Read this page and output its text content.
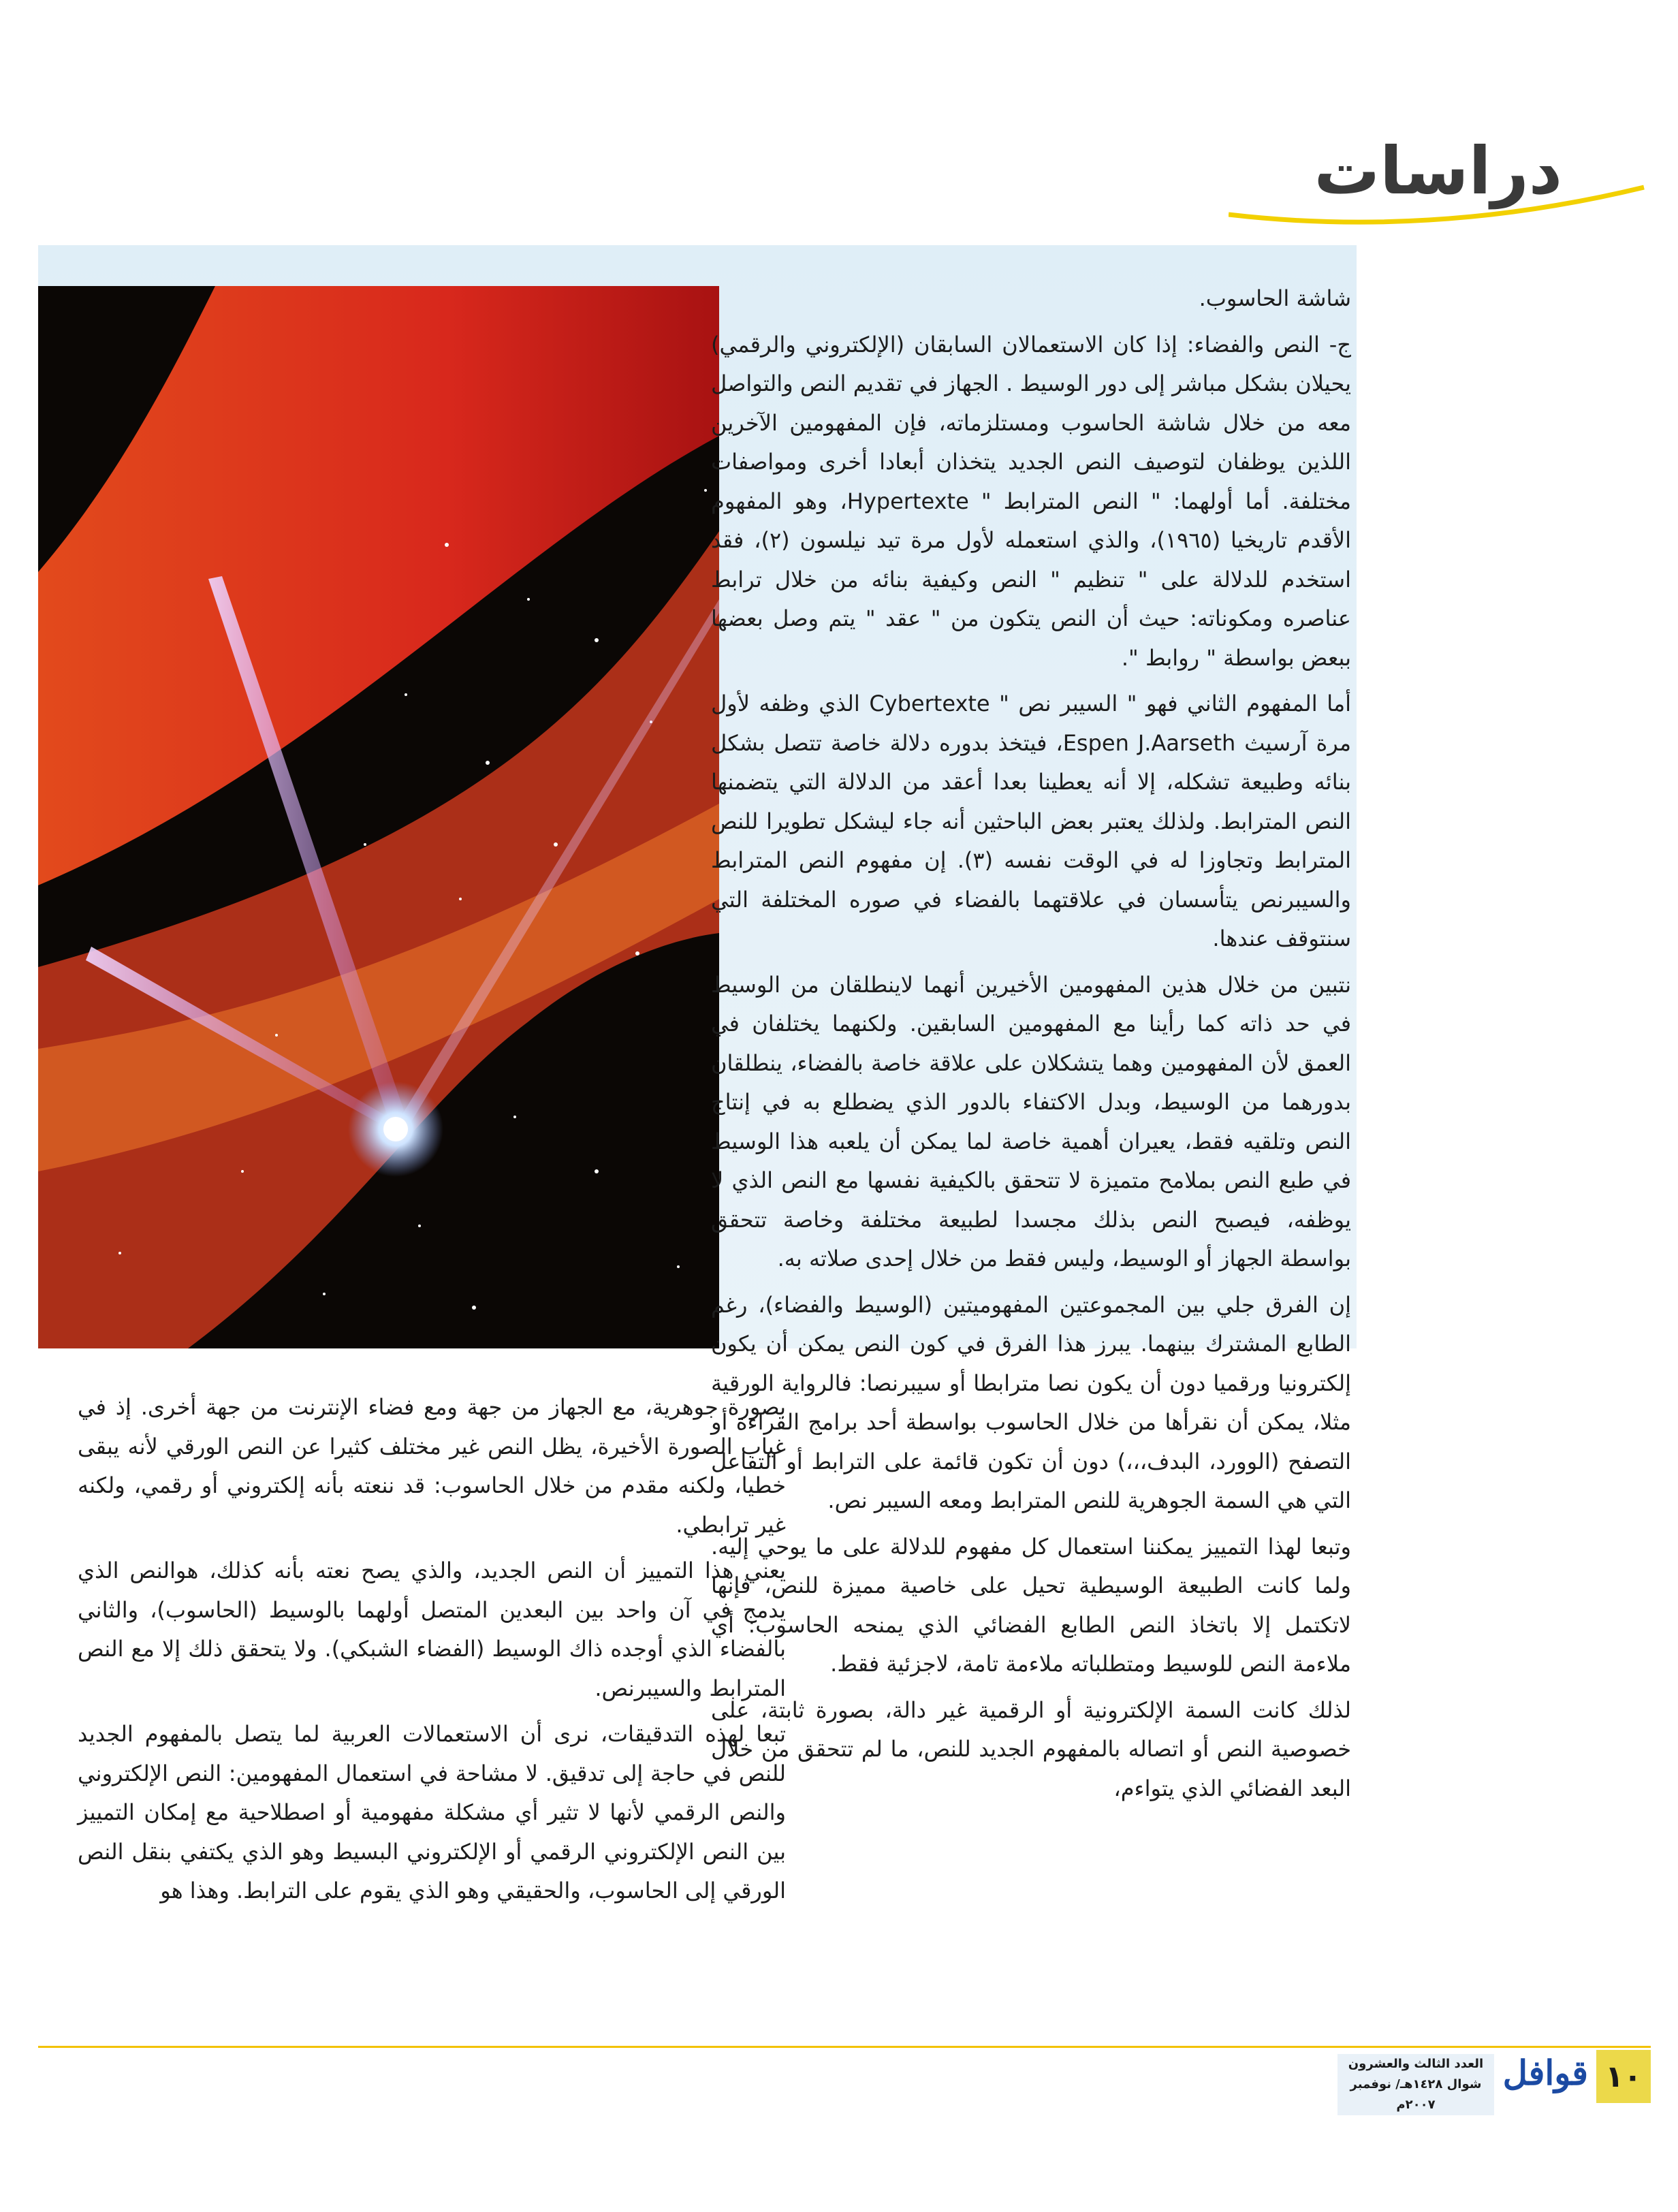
دراسات

شاشة الحاسوب.

ج- النص والفضاء: إذا كان الاستعمالان السابقان (الإلكتروني والرقمي) يحيلان بشكل مباشر إلى دور الوسيط . الجهاز في تقديم النص والتواصل معه من خلال شاشة الحاسوب ومستلزماته، فإن المفهومين الآخرين اللذين يوظفان لتوصيف النص الجديد يتخذان أبعادا أخرى ومواصفات مختلفة. أما أولهما: " النص المترابط " Hypertexte، وهو المفهوم الأقدم تاريخيا (١٩٦٥)، والذي استعمله لأول مرة تيد نيلسون (٢)، فقد استخدم للدلالة على " تنظيم " النص وكيفية بنائه من خلال ترابط عناصره ومكوناته: حيث أن النص يتكون من " عقد " يتم وصل بعضها ببعض بواسطة " روابط ".

أما المفهوم الثاني فهو " السيبر نص " Cybertexte الذي وظفه لأول مرة آرسيث Espen J.Aarseth، فيتخذ بدوره دلالة خاصة تتصل بشكل بنائه وطبيعة تشكله، إلا أنه يعطينا بعدا أعقد من الدلالة التي يتضمنها النص المترابط. ولذلك يعتبر بعض الباحثين أنه جاء ليشكل تطويرا للنص المترابط وتجاوزا له في الوقت نفسه (٣). إن مفهوم النص المترابط والسيبرنص يتأسسان في علاقتهما بالفضاء في صوره المختلفة التي سنتوقف عندها.

نتبين من خلال هذين المفهومين الأخيرين أنهما لاينطلقان من الوسيط في حد ذاته كما رأينا مع المفهومين السابقين. ولكنهما يختلفان في العمق لأن المفهومين وهما يتشكلان على علاقة خاصة بالفضاء، ينطلقان بدورهما من الوسيط، وبدل الاكتفاء بالدور الذي يضطلع به في إنتاج النص وتلقيه فقط، يعيران أهمية خاصة لما يمكن أن يلعبه هذا الوسيط في طبع النص بملامح متميزة لا تتحقق بالكيفية نفسها مع النص الذي لا يوظفه، فيصبح النص بذلك مجسدا لطبيعة مختلفة وخاصة تتحقق بواسطة الجهاز أو الوسيط، وليس فقط من خلال إحدى صلاته به.

إن الفرق جلي بين المجموعتين المفهوميتين (الوسيط والفضاء)، رغم الطابع المشترك بينهما. يبرز هذا الفرق في كون النص يمكن أن يكون إلكترونيا ورقميا دون أن يكون نصا مترابطا أو سيبرنصا: فالرواية الورقية مثلا، يمكن أن نقرأها من خلال الحاسوب بواسطة أحد برامج القراءة أو التصفح (الوورد، البدف،،،) دون أن تكون قائمة على الترابط أو التفاعل التي هي السمة الجوهرية للنص المترابط ومعه السيبر نص.

وتبعا لهذا التمييز يمكننا استعمال كل مفهوم للدلالة على ما يوحي إليه. ولما كانت الطبيعة الوسيطية تحيل على خاصية مميزة للنص، فإنها لاتكتمل إلا باتخاذ النص الطابع الفضائي الذي يمنحه الحاسوب: أي ملاءمة النص للوسيط ومتطلباته ملاءمة تامة، لاجزئية فقط.

لذلك كانت السمة الإلكترونية أو الرقمية غير دالة، بصورة ثابتة، على خصوصية النص أو اتصاله بالمفهوم الجديد للنص، ما لم تتحقق من خلال البعد الفضائي الذي يتواءم،

بصورة جوهرية، مع الجهاز من جهة ومع فضاء الإنترنت من جهة أخرى. إذ في غياب الصورة الأخيرة، يظل النص غير مختلف كثيرا عن النص الورقي لأنه يبقى خطيا، ولكنه مقدم من خلال الحاسوب: قد ننعته بأنه إلكتروني أو رقمي، ولكنه غير ترابطي.

يعني هذا التمييز أن النص الجديد، والذي يصح نعته بأنه كذلك، هوالنص الذي يدمج في آن واحد بين البعدين المتصل أولهما بالوسيط (الحاسوب)، والثاني بالفضاء الذي أوجده ذاك الوسيط (الفضاء الشبكي). ولا يتحقق ذلك إلا مع النص المترابط والسيبرنص.

تبعا لهذه التدقيقات، نرى أن الاستعمالات العربية لما يتصل بالمفهوم الجديد للنص في حاجة إلى تدقيق. لا مشاحة في استعمال المفهومين: النص الإلكتروني والنص الرقمي لأنها لا تثير أي مشكلة مفهومية أو اصطلاحية مع إمكان التمييز بين النص الإلكتروني الرقمي أو الإلكتروني البسيط وهو الذي يكتفي بنقل النص الورقي إلى الحاسوب، والحقيقي وهو الذي يقوم على الترابط. وهذا هو

١٠
قوافل
العدد الثالث والعشرون
شوال ١٤٢٨هـ/ نوفمبر ٢٠٠٧م
